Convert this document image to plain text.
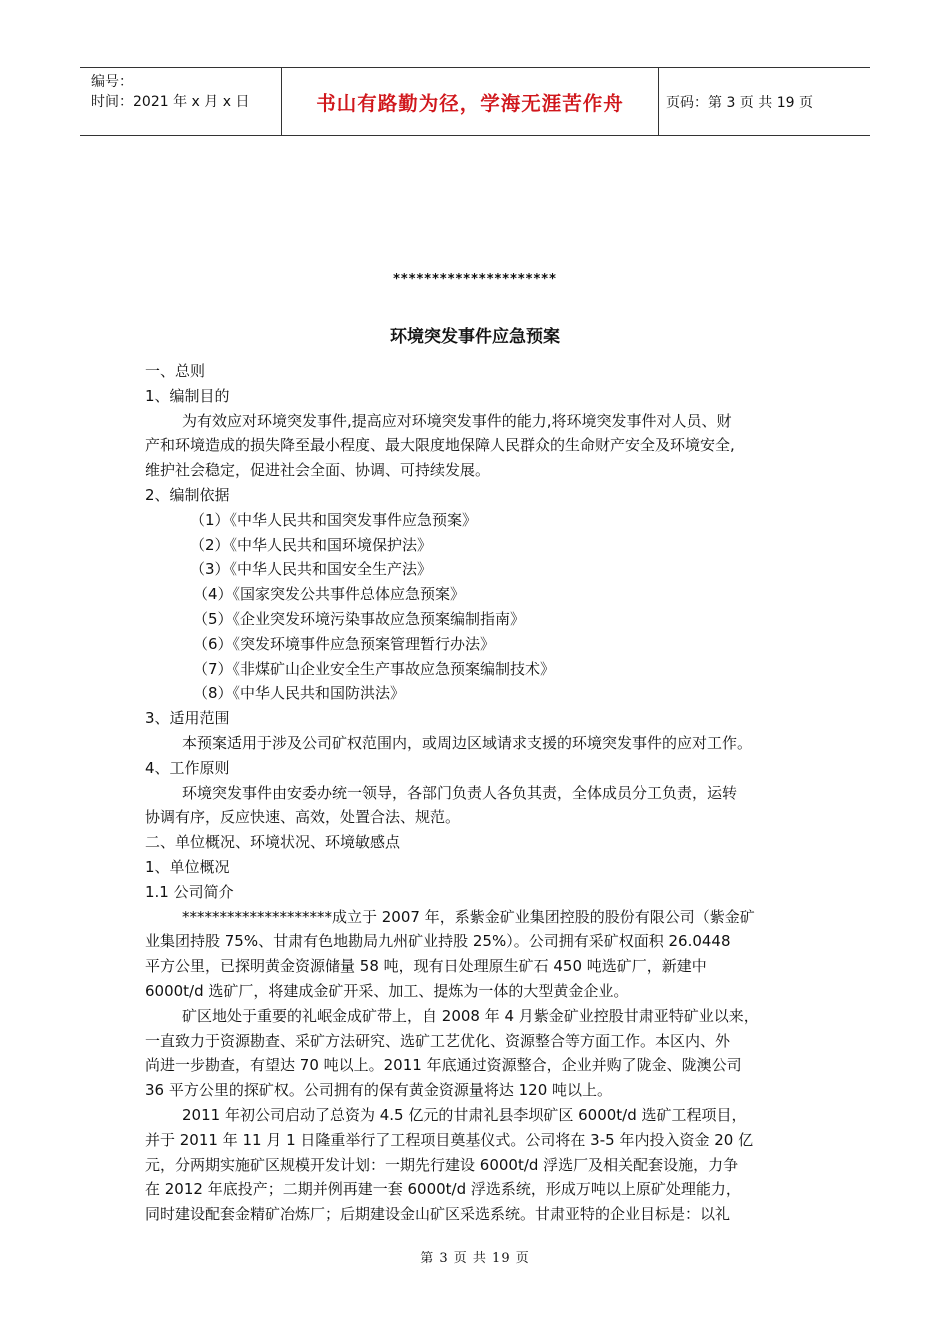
编号：
时间：2021 年 x 月 x 日	书山有路勤为径，学海无涯苦作舟	页码：第 3 页 共 19 页
*********************
环境突发事件应急预案
一、总则
1、编制目的
为有效应对环境突发事件,提高应对环境突发事件的能力,将环境突发事件对人员、财
产和环境造成的损失降至最小程度、最大限度地保障人民群众的生命财产安全及环境安全,
维护社会稳定，促进社会全面、协调、可持续发展。
2、编制依据
（1）《中华人民共和国突发事件应急预案》
（2）《中华人民共和国环境保护法》
（3）《中华人民共和国安全生产法》
（4）《国家突发公共事件总体应急预案》
（5）《企业突发环境污染事故应急预案编制指南》
（6）《突发环境事件应急预案管理暂行办法》
（7）《非煤矿山企业安全生产事故应急预案编制技术》
（8）《中华人民共和国防洪法》
3、适用范围
本预案适用于涉及公司矿权范围内，或周边区域请求支援的环境突发事件的应对工作。
4、工作原则
环境突发事件由安委办统一领导，各部门负责人各负其责，全体成员分工负责，运转
协调有序，反应快速、高效，处置合法、规范。
二、单位概况、环境状况、环境敏感点
1、单位概况
1.1 公司简介
********************成立于 2007 年，系紫金矿业集团控股的股份有限公司（紫金矿
业集团持股 75%、甘肃有色地勘局九州矿业持股 25%）。公司拥有采矿权面积 26.0448
平方公里，已探明黄金资源储量 58 吨，现有日处理原生矿石 450 吨选矿厂，新建中
6000t/d 选矿厂，将建成金矿开采、加工、提炼为一体的大型黄金企业。
矿区地处于重要的礼岷金成矿带上，自 2008 年 4 月紫金矿业控股甘肃亚特矿业以来，
一直致力于资源勘查、采矿方法研究、选矿工艺优化、资源整合等方面工作。本区内、外
尚进一步勘查，有望达 70 吨以上。2011 年底通过资源整合，企业并购了陇金、陇澳公司
36 平方公里的探矿权。公司拥有的保有黄金资源量将达 120 吨以上。
2011 年初公司启动了总资为 4.5 亿元的甘肃礼县李坝矿区 6000t/d 选矿工程项目，
并于 2011 年 11 月 1 日隆重举行了工程项目奠基仪式。公司将在 3-5 年内投入资金 20 亿
元，分两期实施矿区规模开发计划：一期先行建设 6000t/d 浮选厂及相关配套设施，力争
在 2012 年底投产；二期并例再建一套 6000t/d 浮选系统，形成万吨以上原矿处理能力，
同时建设配套金精矿冶炼厂；后期建设金山矿区采选系统。甘肃亚特的企业目标是：以礼
第 3 页 共 19 页
